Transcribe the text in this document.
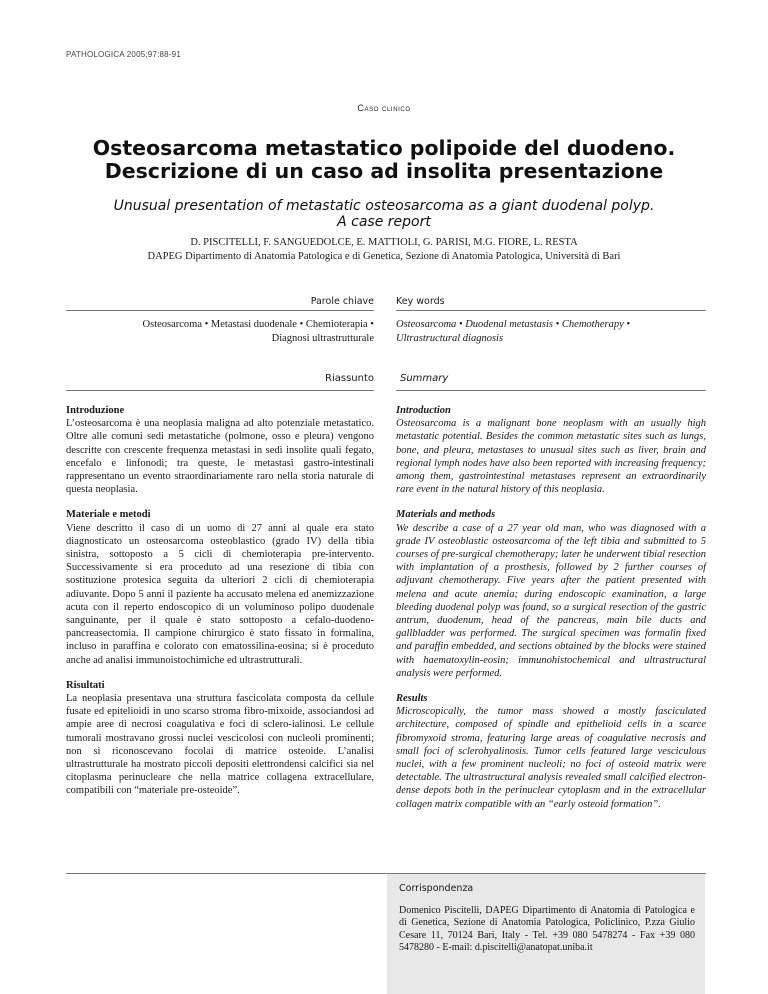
PATHOLOGICA 2005;97:88-91
Caso clinico
Osteosarcoma metastatico polipoide del duodeno.
Descrizione di un caso ad insolita presentazione
Unusual presentation of metastatic osteosarcoma as a giant duodenal polyp.
A case report
D. PISCITELLI, F. SANGUEDOLCE, E. MATTIOLI, G. PARISI, M.G. FIORE, L. RESTA
DAPEG Dipartimento di Anatomia Patologica e di Genetica, Sezione di Anatomia Patologica, Università di Bari
Parole chiave Key words
Osteosarcoma • Metastasi duodenale • Chemioterapia •
Diagnosi ultrastrutturale
Osteosarcoma • Duodenal metastasis • Chemotherapy •
Ultrastructural diagnosis
Riassunto	Summary
Introduzione

L’osteosarcoma è una neoplasia maligna ad alto potenziale metastatico. Oltre alle comuni sedi metastatiche (polmone, osso e pleura) vengono descritte con crescente frequenza metastasi in sedi insolite quali fegato, encefalo e linfonodi; tra queste, le metastasi gastro-intestinali rappresentano un evento straordinariamente raro nella storia naturale di questa neoplasia.

Materiale e metodi

Viene descritto il caso di un uomo di 27 anni al quale era stato diagnosticato un osteosarcoma osteoblastico (grado IV) della tibia sinistra, sottoposto a 5 cicli di chemioterapia pre-intervento. Successivamente si era proceduto ad una resezione di tibia con sostituzione protesica seguita da ulteriori 2 cicli di chemioterapia adiuvante. Dopo 5 anni il paziente ha accusato melena ed anemizzazione acuta con il reperto endoscopico di un voluminoso polipo duodenale sanguinante, per il quale è stato sottoposto a cefalo-duodeno-pancreasectomia. Il campione chirurgico è stato fissato in formalina, incluso in paraffina e colorato con ematossilina-eosina; si è proceduto anche ad analisi immunoistochimiche ed ultrastrutturali.

Risultati

La neoplasia presentava una struttura fascicolata composta da cellule fusate ed epitelioidi in uno scarso stroma fibro-mixoide, associandosi ad ampie aree di necrosi coagulativa e foci di sclero-ialinosi. Le cellule tumorali mostravano grossi nuclei vescicolosi con nucleoli prominenti; non si riconoscevano focolai di matrice osteoide. L’analisi ultrastrutturale ha mostrato piccoli depositi elettrondensi calcifici sia nel citoplasma perinucleare che nella matrice collagena extracellulare, compatibili con “materiale pre-osteoide”.

Introduction

Osteosarcoma is a malignant bone neoplasm with an usually high metastatic potential. Besides the common metastatic sites such as lungs, bone, and pleura, metastases to unusual sites such as liver, brain and regional lymph nodes have also been reported with increasing frequency; among them, gastrointestinal metastases represent an extraordinarily rare event in the natural history of this neoplasia.

Materials and methods

We describe a case of a 27 year old man, who was diagnosed with a grade IV osteoblastic osteosarcoma of the left tibia and submitted to 5 courses of pre-surgical chemotherapy; later he underwent tibial resection with implantation of a prosthesis, followed by 2 further courses of adjuvant chemotherapy. Five years after the patient presented with melena and acute anemia; during endoscopic examination, a large bleeding duodenal polyp was found, so a surgical resection of the gastric antrum, duodenum, head of the pancreas, main bile ducts and gallbladder was performed. The surgical specimen was formalin fixed and paraffin embedded, and sections obtained by the blocks were stained with haematoxylin-eosin; immunohistochemical and ultrastructural analysis were performed.

Results

Microscopically, the tumor mass showed a mostly fasciculated architecture, composed of spindle and epithelioid cells in a scarce fibromyxoid stroma, featuring large areas of coagulative necrosis and small foci of sclerohyalinosis. Tumor cells featured large vesciculous nuclei, with a few prominent nucleoli; no foci of osteoid matrix were detectable. The ultrastructural analysis revealed small calcified electron-dense depots both in the perinuclear cytoplasm and in the extracellular collagen matrix compatible with an “early osteoid formation”.

Corrispondenza
Domenico Piscitelli, DAPEG Dipartimento di Anatomia di Patologica e di Genetica, Sezione di Anatomia Patologica, Policlinico, P.zza Giulio Cesare 11, 70124 Bari, Italy - Tel. +39 080 5478274 - Fax +39 080 5478280 - E-mail: d.piscitelli@anatopat.uniba.it
